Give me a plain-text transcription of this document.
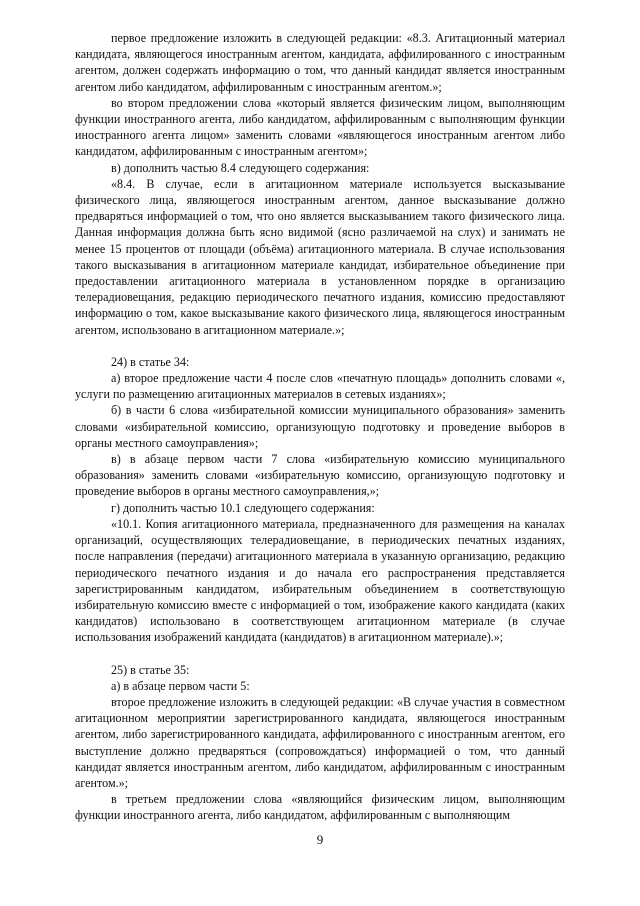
первое предложение изложить в следующей редакции: «8.3. Агитационный материал кандидата, являющегося иностранным агентом, кандидата, аффилированного с иностранным агентом, должен содержать информацию о том, что данный кандидат является иностранным агентом либо кандидатом, аффилированным с иностранным агентом.»;

во втором предложении слова «который является физическим лицом, выполняющим функции иностранного агента, либо кандидатом, аффилированным с выполняющим функции иностранного агента лицом» заменить словами «являющегося иностранным агентом либо кандидатом, аффилированным с иностранным агентом»;

в) дополнить частью 8.4 следующего содержания:

«8.4. В случае, если в агитационном материале используется высказывание физического лица, являющегося иностранным агентом, данное высказывание должно предваряться информацией о том, что оно является высказыванием такого физического лица. Данная информация должна быть ясно видимой (ясно различаемой на слух) и занимать не менее 15 процентов от площади (объёма) агитационного материала. В случае использования такого высказывания в агитационном материале кандидат, избирательное объединение при предоставлении агитационного материала в установленном порядке в организацию телерадиовещания, редакцию периодического печатного издания, комиссию предоставляют информацию о том, какое высказывание какого физического лица, являющегося иностранным агентом, использовано в агитационном материале.»;

24) в статье 34:

а) второе предложение части 4 после слов «печатную площадь» дополнить словами «, услуги по размещению агитационных материалов в сетевых изданиях»;

б) в части 6 слова «избирательной комиссии муниципального образования» заменить словами «избирательной комиссию, организующую подготовку и проведение выборов в органы местного самоуправления»;

в) в абзаце первом части 7 слова «избирательную комиссию муниципального образования» заменить словами «избирательную комиссию, организующую подготовку и проведение выборов в органы местного самоуправления,»;

г) дополнить частью 10.1 следующего содержания:

«10.1. Копия агитационного материала, предназначенного для размещения на каналах организаций, осуществляющих телерадиовещание, в периодических печатных изданиях, после направления (передачи) агитационного материала в указанную организацию, редакцию периодического печатного издания и до начала его распространения представляется зарегистрированным кандидатом, избирательным объединением в соответствующую избирательную комиссию вместе с информацией о том, изображение какого кандидата (каких кандидатов) использовано в соответствующем агитационном материале (в случае использования изображений кандидата (кандидатов) в агитационном материале).»;

25) в статье 35:

а) в абзаце первом части 5:

второе предложение изложить в следующей редакции: «В случае участия в совместном агитационном мероприятии зарегистрированного кандидата, являющегося иностранным агентом, либо зарегистрированного кандидата, аффилированного с иностранным агентом, его выступление должно предваряться (сопровождаться) информацией о том, что данный кандидат является иностранным агентом, либо кандидатом, аффилированным с иностранным агентом.»;

в третьем предложении слова «являющийся физическим лицом, выполняющим функции иностранного агента, либо кандидатом, аффилированным с выполняющим

9
